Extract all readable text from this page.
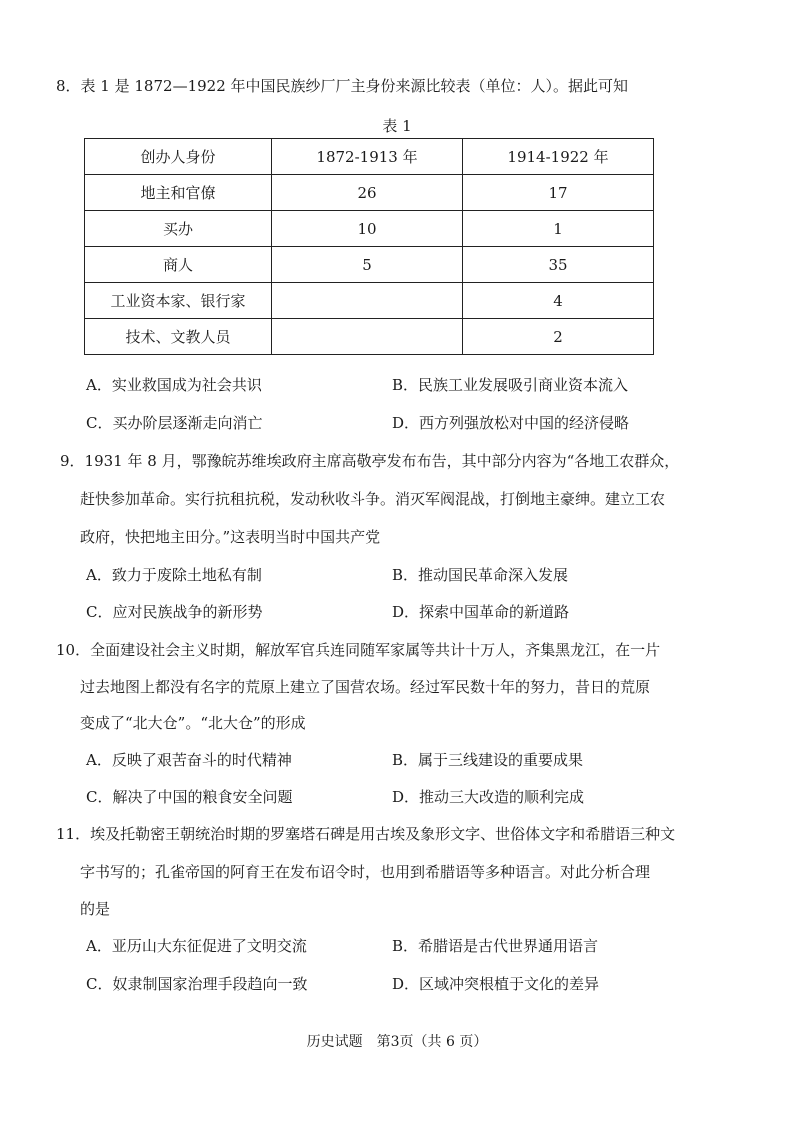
8．表 1 是 1872—1922 年中国民族纱厂厂主身份来源比较表（单位：人）。据此可知
表 1
创办人身份	1872-1913 年	1914-1922 年
地主和官僚	26	17
买办	10	1
商人	5	35
工业资本家、银行家		4
技术、文教人员		2
A．实业救国成为社会共识	B．民族工业发展吸引商业资本流入
C．买办阶层逐渐走向消亡	D．西方列强放松对中国的经济侵略
9．1931 年 8 月，鄂豫皖苏维埃政府主席高敬亭发布布告，其中部分内容为“各地工农群众，
赶快参加革命。实行抗租抗税，发动秋收斗争。消灭军阀混战，打倒地主豪绅。建立工农
政府，快把地主田分。”这表明当时中国共产党
A．致力于废除土地私有制	B．推动国民革命深入发展
C．应对民族战争的新形势	D．探索中国革命的新道路
10．全面建设社会主义时期，解放军官兵连同随军家属等共计十万人，齐集黑龙江，在一片
过去地图上都没有名字的荒原上建立了国营农场。经过军民数十年的努力，昔日的荒原
变成了“北大仓”。“北大仓”的形成
A．反映了艰苦奋斗的时代精神	B．属于三线建设的重要成果
C．解决了中国的粮食安全问题	D．推动三大改造的顺利完成
11．埃及托勒密王朝统治时期的罗塞塔石碑是用古埃及象形文字、世俗体文字和希腊语三种文
字书写的；孔雀帝国的阿育王在发布诏令时，也用到希腊语等多种语言。对此分析合理
的是
A．亚历山大东征促进了文明交流	B．希腊语是古代世界通用语言
C．奴隶制国家治理手段趋向一致	D．区域冲突根植于文化的差异
历史试题　第3页（共 6 页）
